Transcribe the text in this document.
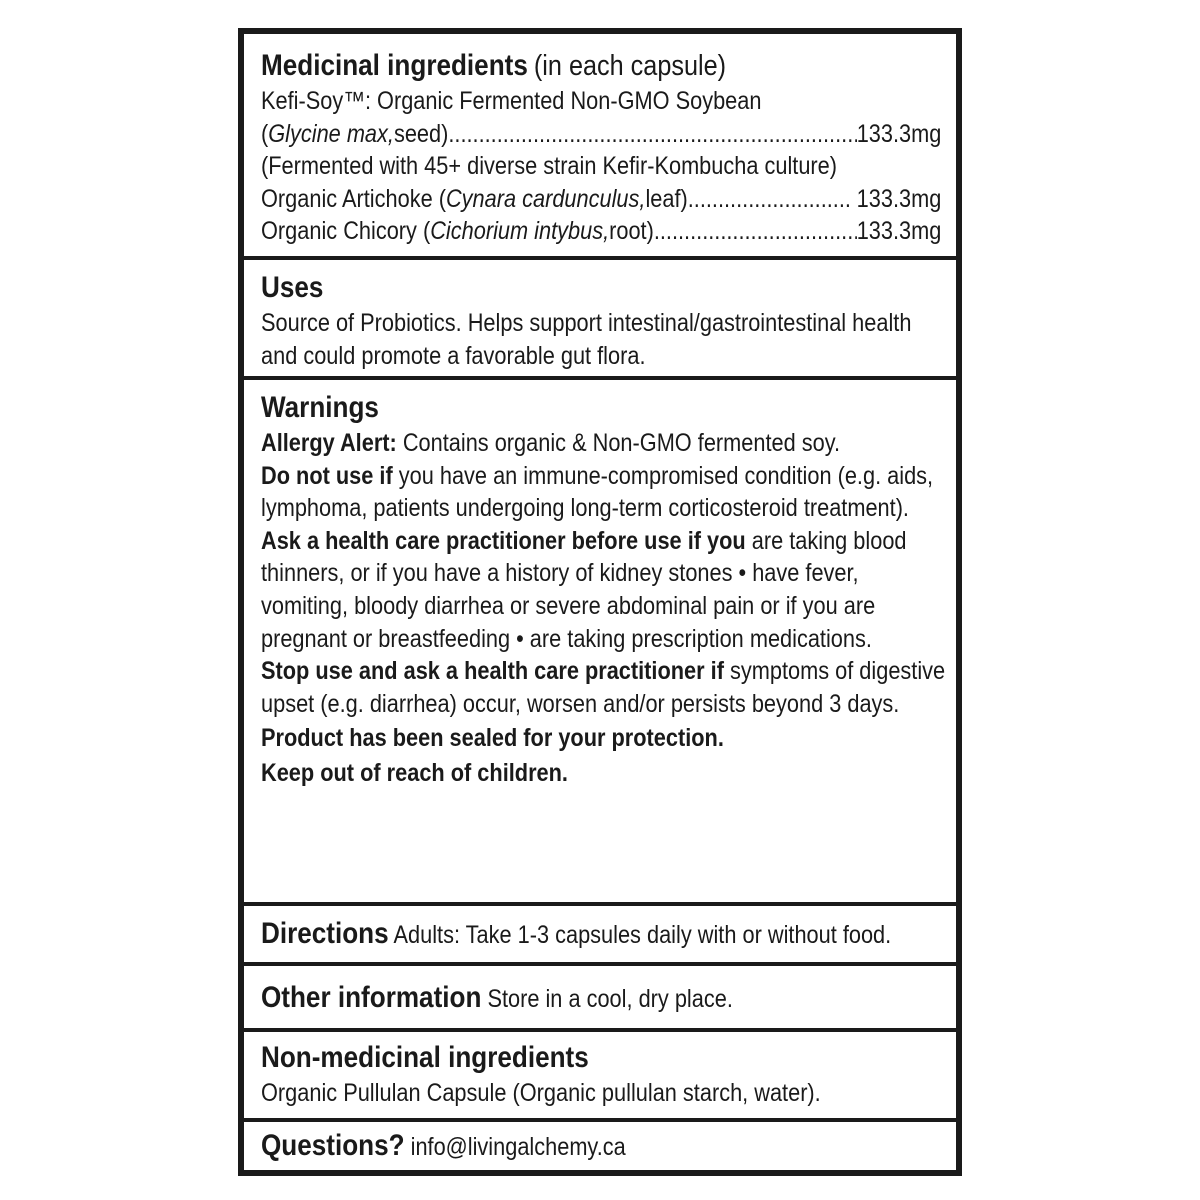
Medicinal ingredients (in each capsule)
Kefi-Soy™: Organic Fermented Non-GMO Soybean
( Glycine max, seed) .....	133.3mg
(Fermented with 45+ diverse strain Kefir-Kombucha culture)
Organic Artichoke ( Cynara cardunculus, leaf) .....	133.3mg
Organic Chicory ( Cichorium intybus, root) .....	133.3mg
Uses

Source of Probiotics. Helps support intestinal/gastrointestinal health and could promote a favorable gut flora.

Warnings

Allergy Alert: Contains organic & Non-GMO fermented soy.

Do not use if you have an immune-compromised condition (e.g. aids, lymphoma, patients undergoing long-term corticosteroid treatment).

Ask a health care practitioner before use if you are taking blood thinners, or if you have a history of kidney stones • have fever, vomiting, bloody diarrhea or severe abdominal pain or if you are pregnant or breastfeeding • are taking prescription medications.

Stop use and ask a health care practitioner if symptoms of digestive upset (e.g. diarrhea) occur, worsen and/or persists beyond 3 days.

Product has been sealed for your protection.

Keep out of reach of children.

Directions Adults: Take 1-3 capsules daily with or without food.
Other information Store in a cool, dry place.
Non-medicinal ingredients
Organic Pullulan Capsule (Organic pullulan starch, water).
Questions? info@livingalchemy.ca
